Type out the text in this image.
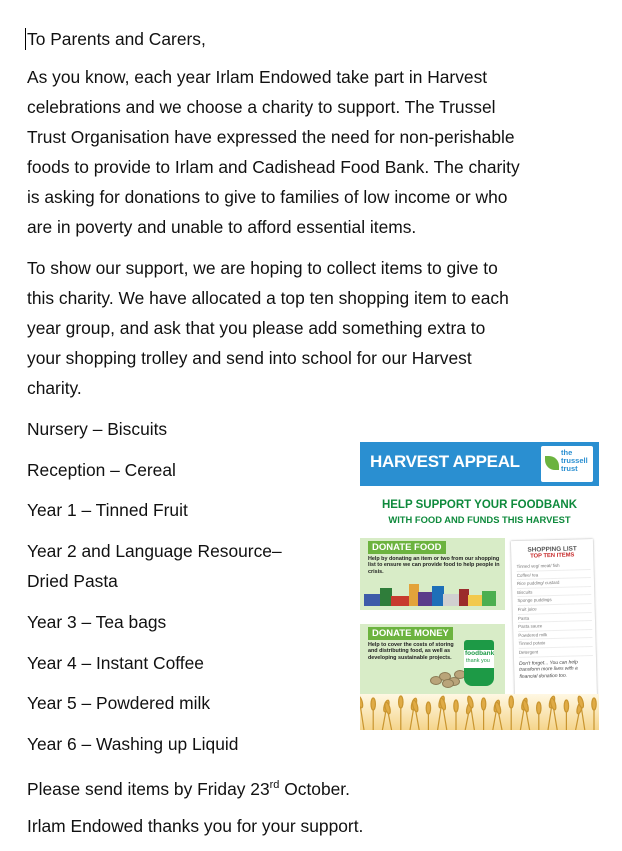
To Parents and Carers,

As you know, each year Irlam Endowed take part in Harvest
celebrations and we choose a charity to support. The Trussel
Trust Organisation have expressed the need for non-perishable
foods to provide to Irlam and Cadishead Food Bank. The charity
is asking for donations to give to families of low income or who
are in poverty and unable to afford essential items.

To show our support, we are hoping to collect items to give to
this charity. We have allocated a top ten shopping item to each
year group, and ask that you please add something extra to
your shopping trolley and send into school for our Harvest
charity.

Nursery – Biscuits
Reception – Cereal
Year 1 – Tinned Fruit
Year 2 and Language Resource–
Dried Pasta
Year 3 – Tea bags
Year 4 – Instant Coffee
Year 5 – Powdered milk
Year 6 – Washing up Liquid
Please send items by Friday 23rd October.
Irlam Endowed thanks you for your support.
HARVEST APPEAL	the trussell trust
HELP SUPPORT YOUR FOODBANK
WITH FOOD AND FUNDS THIS HARVEST
DONATE FOOD
Help by donating an item or two from our shopping list to ensure we can provide food to help people in crisis.
DONATE MONEY
Help to cover the costs of storing and distributing food, as well as developing sustainable projects.
foodbank
thank you
SHOPPING LIST
TOP TEN ITEMS
Tinned veg/ meat/ fish
Coffee/ tea
Rice pudding/ custard
Biscuits
Sponge puddings
Fruit juice
Pasta
Pasta sauce
Powdered milk
Tinned potato
Detergent
Don't forget... You can help transform more lives with a financial donation too.
